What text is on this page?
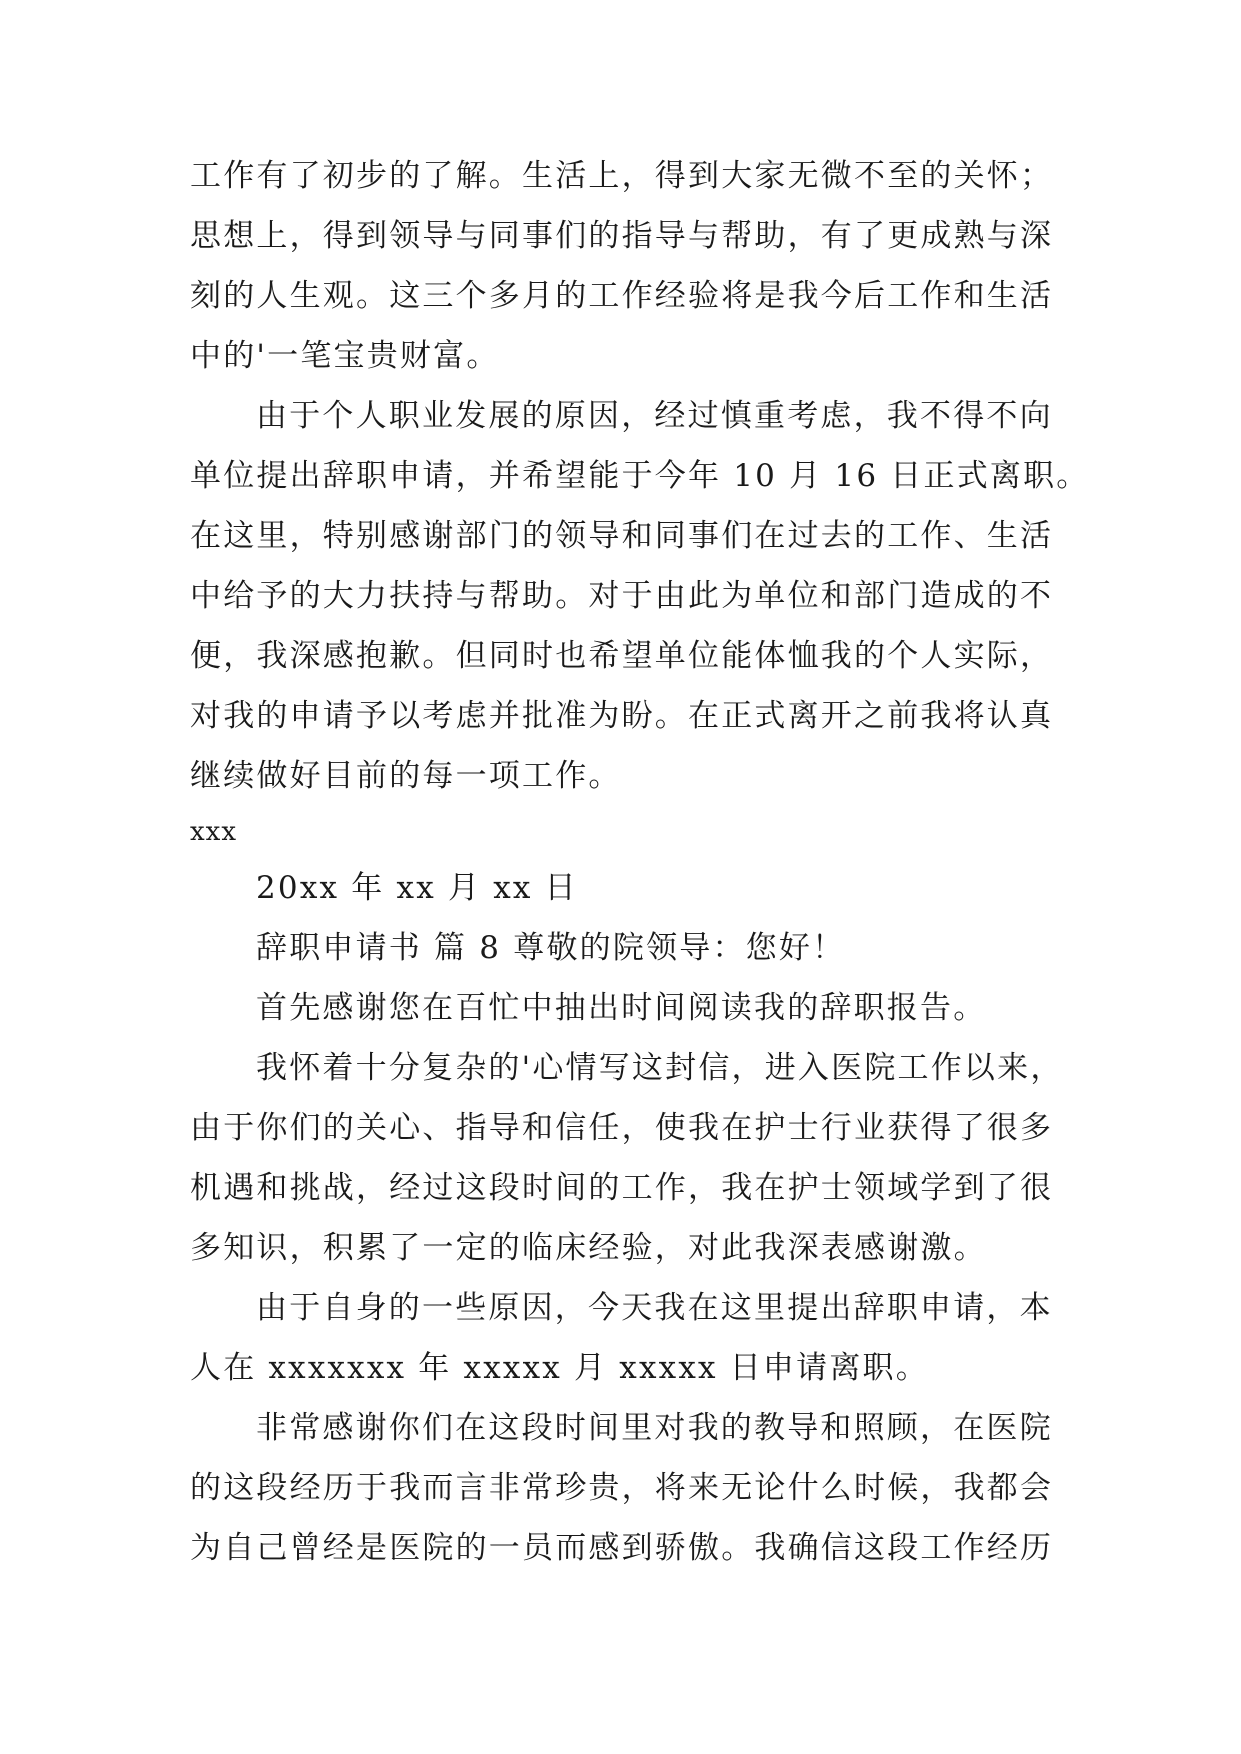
工作有了初步的了解。生活上，得到大家无微不至的关怀；
思想上，得到领导与同事们的指导与帮助，有了更成熟与深
刻的人生观。这三个多月的工作经验将是我今后工作和生活
中的'一笔宝贵财富。
由于个人职业发展的原因，经过慎重考虑，我不得不向
单位提出辞职申请，并希望能于今年 10 月 16 日正式离职。
在这里，特别感谢部门的领导和同事们在过去的工作、生活
中给予的大力扶持与帮助。对于由此为单位和部门造成的不
便，我深感抱歉。但同时也希望单位能体恤我的个人实际，
对我的申请予以考虑并批准为盼。在正式离开之前我将认真
继续做好目前的每一项工作。
xxx
20xx 年 xx 月 xx 日
辞职申请书 篇 8 尊敬的院领导：您好！
首先感谢您在百忙中抽出时间阅读我的辞职报告。
我怀着十分复杂的'心情写这封信，进入医院工作以来，
由于你们的关心、指导和信任，使我在护士行业获得了很多
机遇和挑战，经过这段时间的工作，我在护士领域学到了很
多知识，积累了一定的临床经验，对此我深表感谢激。
由于自身的一些原因，今天我在这里提出辞职申请，本
人在 xxxxxxx 年 xxxxx 月 xxxxx 日申请离职。
非常感谢你们在这段时间里对我的教导和照顾，在医院
的这段经历于我而言非常珍贵，将来无论什么时候，我都会
为自己曾经是医院的一员而感到骄傲。我确信这段工作经历
